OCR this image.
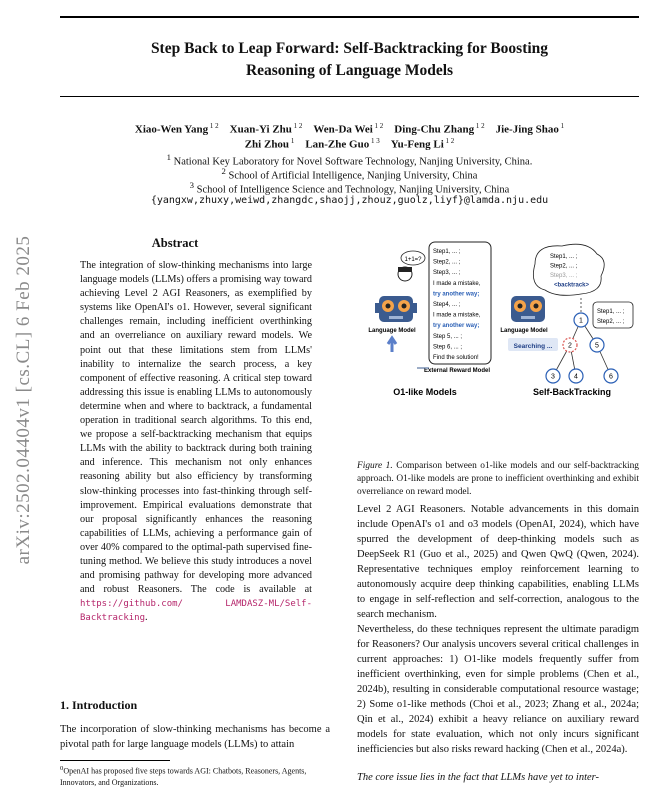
Step Back to Leap Forward: Self-Backtracking for Boosting
Reasoning of Language Models
Xiao-Wen Yang $^{1 2}$  Xuan-Yi Zhu $^{1 2}$  Wen-Da Wei $^{1 2}$  Ding-Chu Zhang $^{1 2}$  Jie-Jing Shao $^1$
Zhi Zhou $^1$  Lan-Zhe Guo $^{1 3}$  Yu-Feng Li $^{1 2}$
$^1$ National Key Laboratory for Novel Software Technology, Nanjing University, China.
$^2$ School of Artificial Intelligence, Nanjing University, China
$^3$ School of Intelligence Science and Technology, Nanjing University, China
{yangxw,zhuxy,weiwd,zhangdc,shaojj,zhouz,guolz,liyf}@lamda.nju.edu
arXiv:2502.04404v1 [cs.CL] 6 Feb 2025	Abstract
The integration of slow-thinking mechanisms into large language models (LLMs) offers a promising way toward achieving Level 2 AGI Reasoners, as exemplified by systems like OpenAI's o1. However, several significant challenges remain, including inefficient overthinking and an overreliance on auxiliary reward models. We point out that these limitations stem from LLMs' inability to internalize the search process, a key component of effective reasoning. A critical step toward addressing this issue is enabling LLMs to autonomously determine when and where to backtrack, a fundamental operation in traditional search algorithms. To this end, we propose a self-backtracking mechanism that equips LLMs with the ability to backtrack during both training and inference. This mechanism not only enhances reasoning ability but also efficiency by transforming slow-thinking processes into fast-thinking through self-improvement. Empirical evaluations demonstrate that our proposal significantly enhances the reasoning capabilities of LLMs, achieving a performance gain of over 40% compared to the optimal-path supervised fine-tuning method. We believe this study introduces a novel and promising pathway for developing more advanced and robust Reasoners. The code is available at https://github.com/	LAMDASZ-ML/Self-Backtracking.
1. Introduction
The incorporation of slow-thinking mechanisms has become a pivotal path for large language models (LLMs) to attain
$^0$OpenAI has proposed five steps towards AGI: Chatbots, Reasoners, Agents, Innovators, and Organizations.
Step1, ... ;
Step2, ... ;
Step3, ... ;
I made a mistake,
try another way;
Step4, ... ;
I made a mistake,
try another way;
Step 5, ... ;
Step 6, ... ;
Find the solution!
1+1=?
Language Model
External Reward Model
O1-like Models
Step1, ... ;
Step2, ... ;
Step3, ... ;
<backtrack>
Language Model
Step1, ... ;
Step2, ... ;
Searching ...
1
2
3	4
5
6
Self-BackTracking
Figure 1. Comparison between o1-like models and our self-backtracking approach. O1-like models are prone to inefficient overthinking and exhibit overreliance on reward model.
Level 2 AGI Reasoners. Notable advancements in this domain include OpenAI's o1 and o3 models (OpenAI, 2024), which have spurred the development of deep-thinking models such as DeepSeek R1 (Guo et al., 2025) and Qwen QwQ (Qwen, 2024). Representative techniques employ reinforcement learning to autonomously acquire deep thinking capabilities, enabling LLMs to engage in self-reflection and self-correction, analogous to the search mechanism.
Nevertheless, do these techniques represent the ultimate paradigm for Reasoners? Our analysis uncovers several critical challenges in current approaches: 1) O1-like models frequently suffer from inefficient overthinking, even for simple problems (Chen et al., 2024b), resulting in considerable computational resource wastage; 2) Some o1-like methods (Choi et al., 2023; Zhang et al., 2024a; Qin et al., 2024) exhibit a heavy reliance on auxiliary reward models for state evaluation, which not only incurs significant inefficiencies but also risks reward hacking (Chen et al., 2024a).
The core issue lies in the fact that LLMs have yet to inter-
